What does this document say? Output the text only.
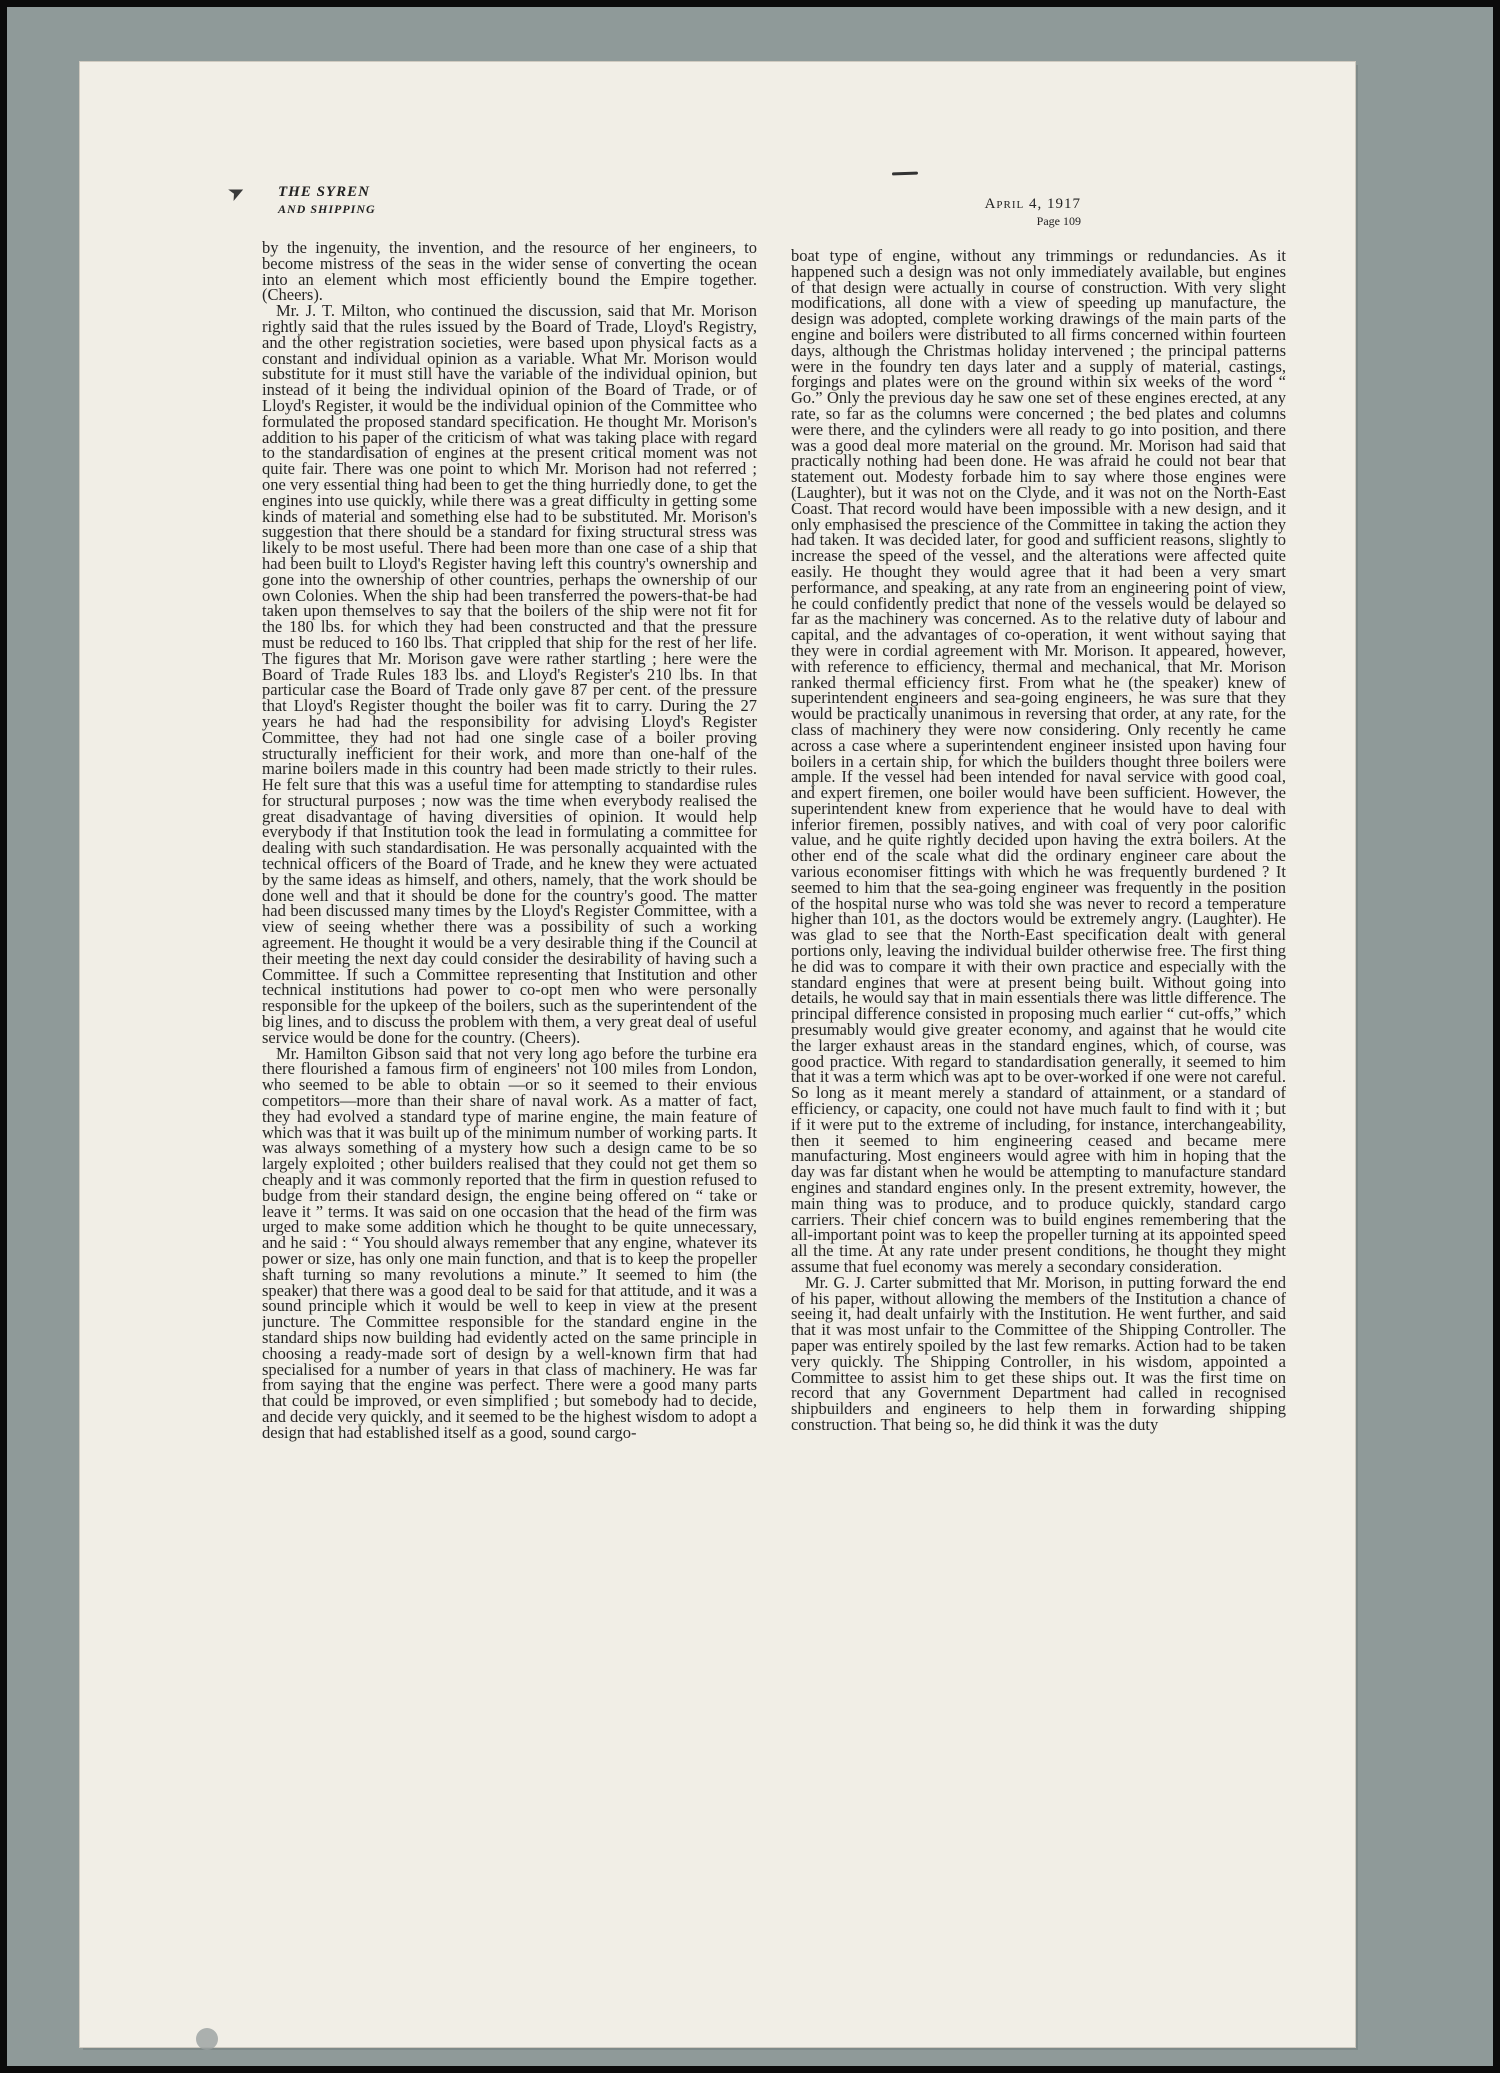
➤ THE SYREN
AND SHIPPING	April 4, 1917
Page 109

by the ingenuity, the invention, and the resource of her engineers, to become mistress of the seas in the wider sense of converting the ocean into an element which most efficiently bound the Empire together. (Cheers).

Mr. J. T. Milton, who continued the discussion, said that Mr. Morison rightly said that the rules issued by the Board of Trade, Lloyd's Registry, and the other registration societies, were based upon physical facts as a constant and individual opinion as a variable. What Mr. Morison would substitute for it must still have the variable of the individual opinion, but instead of it being the individual opinion of the Board of Trade, or of Lloyd's Register, it would be the individual opinion of the Committee who formulated the proposed standard specification. He thought Mr. Morison's addition to his paper of the criticism of what was taking place with regard to the standardisation of engines at the present critical moment was not quite fair. There was one point to which Mr. Morison had not referred ; one very essential thing had been to get the thing hurriedly done, to get the engines into use quickly, while there was a great difficulty in getting some kinds of material and something else had to be substituted. Mr. Morison's suggestion that there should be a standard for fixing structural stress was likely to be most useful. There had been more than one case of a ship that had been built to Lloyd's Register having left this country's ownership and gone into the ownership of other countries, perhaps the ownership of our own Colonies. When the ship had been transferred the powers-that-be had taken upon themselves to say that the boilers of the ship were not fit for the 180 lbs. for which they had been constructed and that the pressure must be reduced to 160 lbs. That crippled that ship for the rest of her life. The figures that Mr. Morison gave were rather startling ; here were the Board of Trade Rules 183 lbs. and Lloyd's Register's 210 lbs. In that particular case the Board of Trade only gave 87 per cent. of the pressure that Lloyd's Register thought the boiler was fit to carry. During the 27 years he had had the responsibility for advising Lloyd's Register Committee, they had not had one single case of a boiler proving structurally inefficient for their work, and more than one-half of the marine boilers made in this country had been made strictly to their rules. He felt sure that this was a useful time for attempting to standardise rules for structural purposes ; now was the time when everybody realised the great disadvantage of having diversities of opinion. It would help everybody if that Institution took the lead in formulating a committee for dealing with such standardisation. He was personally acquainted with the technical officers of the Board of Trade, and he knew they were actuated by the same ideas as himself, and others, namely, that the work should be done well and that it should be done for the country's good. The matter had been discussed many times by the Lloyd's Register Committee, with a view of seeing whether there was a possibility of such a working agreement. He thought it would be a very desirable thing if the Council at their meeting the next day could consider the desirability of having such a Committee. If such a Committee representing that Institution and other technical institutions had power to co-opt men who were personally responsible for the upkeep of the boilers, such as the superintendent of the big lines, and to discuss the problem with them, a very great deal of useful service would be done for the country. (Cheers).

Mr. Hamilton Gibson said that not very long ago before the turbine era there flourished a famous firm of engineers' not 100 miles from London, who seemed to be able to obtain —or so it seemed to their envious competitors—more than their share of naval work. As a matter of fact, they had evolved a standard type of marine engine, the main feature of which was that it was built up of the minimum number of working parts. It was always something of a mystery how such a design came to be so largely exploited ; other builders realised that they could not get them so cheaply and it was commonly reported that the firm in question refused to budge from their standard design, the engine being offered on “ take or leave it ” terms. It was said on one occasion that the head of the firm was urged to make some addition which he thought to be quite unnecessary, and he said : “ You should always remember that any engine, whatever its power or size, has only one main function, and that is to keep the propeller shaft turning so many revolutions a minute.” It seemed to him (the speaker) that there was a good deal to be said for that attitude, and it was a sound principle which it would be well to keep in view at the present juncture. The Committee responsible for the standard engine in the standard ships now building had evidently acted on the same principle in choosing a ready-made sort of design by a well-known firm that had specialised for a number of years in that class of machinery. He was far from saying that the engine was perfect. There were a good many parts that could be improved, or even simplified ; but somebody had to decide, and decide very quickly, and it seemed to be the highest wisdom to adopt a design that had established itself as a good, sound cargo-

boat type of engine, without any trimmings or redundancies. As it happened such a design was not only immediately available, but engines of that design were actually in course of construction. With very slight modifications, all done with a view of speeding up manufacture, the design was adopted, complete working drawings of the main parts of the engine and boilers were distributed to all firms concerned within fourteen days, although the Christmas holiday intervened ; the principal patterns were in the foundry ten days later and a supply of material, castings, forgings and plates were on the ground within six weeks of the word “ Go.” Only the previous day he saw one set of these engines erected, at any rate, so far as the columns were concerned ; the bed plates and columns were there, and the cylinders were all ready to go into position, and there was a good deal more material on the ground. Mr. Morison had said that practically nothing had been done. He was afraid he could not bear that statement out. Modesty forbade him to say where those engines were (Laughter), but it was not on the Clyde, and it was not on the North-East Coast. That record would have been impossible with a new design, and it only emphasised the prescience of the Committee in taking the action they had taken. It was decided later, for good and sufficient reasons, slightly to increase the speed of the vessel, and the alterations were affected quite easily. He thought they would agree that it had been a very smart performance, and speaking, at any rate from an engineering point of view, he could confidently predict that none of the vessels would be delayed so far as the machinery was concerned. As to the relative duty of labour and capital, and the advantages of co-operation, it went without saying that they were in cordial agreement with Mr. Morison. It appeared, however, with reference to efficiency, thermal and mechanical, that Mr. Morison ranked thermal efficiency first. From what he (the speaker) knew of superintendent engineers and sea-going engineers, he was sure that they would be practically unanimous in reversing that order, at any rate, for the class of machinery they were now considering. Only recently he came across a case where a superintendent engineer insisted upon having four boilers in a certain ship, for which the builders thought three boilers were ample. If the vessel had been intended for naval service with good coal, and expert firemen, one boiler would have been sufficient. However, the superintendent knew from experience that he would have to deal with inferior firemen, possibly natives, and with coal of very poor calorific value, and he quite rightly decided upon having the extra boilers. At the other end of the scale what did the ordinary engineer care about the various economiser fittings with which he was frequently burdened ? It seemed to him that the sea-going engineer was frequently in the position of the hospital nurse who was told she was never to record a temperature higher than 101, as the doctors would be extremely angry. (Laughter). He was glad to see that the North-East specification dealt with general portions only, leaving the individual builder otherwise free. The first thing he did was to compare it with their own practice and especially with the standard engines that were at present being built. Without going into details, he would say that in main essentials there was little difference. The principal difference consisted in proposing much earlier “ cut-offs,” which presumably would give greater economy, and against that he would cite the larger exhaust areas in the standard engines, which, of course, was good practice. With regard to standardisation generally, it seemed to him that it was a term which was apt to be over-worked if one were not careful. So long as it meant merely a standard of attainment, or a standard of efficiency, or capacity, one could not have much fault to find with it ; but if it were put to the extreme of including, for instance, interchangeability, then it seemed to him engineering ceased and became mere manufacturing. Most engineers would agree with him in hoping that the day was far distant when he would be attempting to manufacture standard engines and standard engines only. In the present extremity, however, the main thing was to produce, and to produce quickly, standard cargo carriers. Their chief concern was to build engines remembering that the all-important point was to keep the propeller turning at its appointed speed all the time. At any rate under present conditions, he thought they might assume that fuel economy was merely a secondary consideration.

Mr. G. J. Carter submitted that Mr. Morison, in putting forward the end of his paper, without allowing the members of the Institution a chance of seeing it, had dealt unfairly with the Institution. He went further, and said that it was most unfair to the Committee of the Shipping Controller. The paper was entirely spoiled by the last few remarks. Action had to be taken very quickly. The Shipping Controller, in his wisdom, appointed a Committee to assist him to get these ships out. It was the first time on record that any Government Department had called in recognised shipbuilders and engineers to help them in forwarding shipping construction. That being so, he did think it was the duty
